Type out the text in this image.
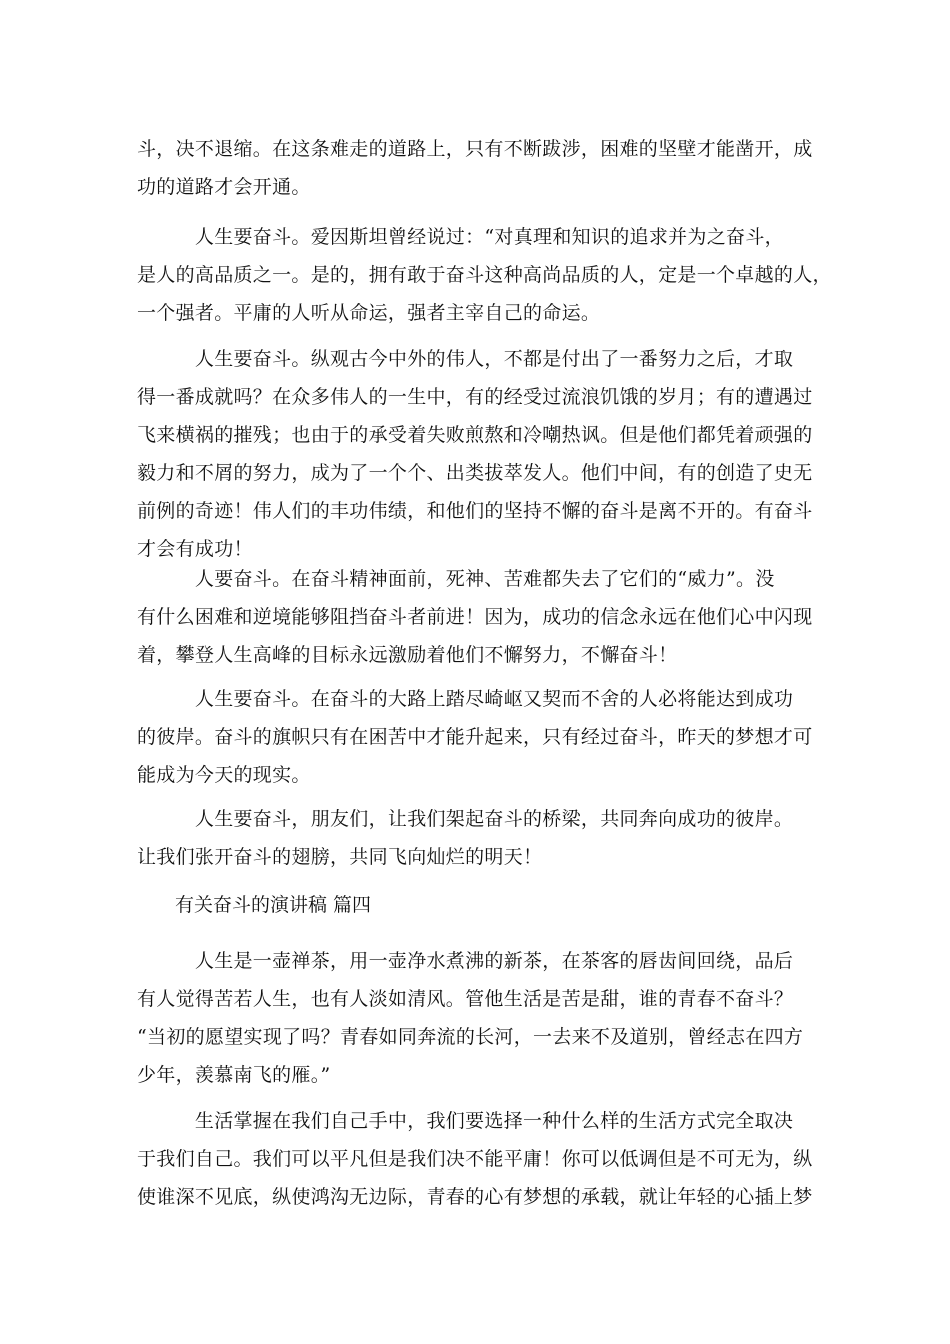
斗，决不退缩。在这条难走的道路上，只有不断跋涉，困难的坚壁才能凿开，成
功的道路才会开通。
　　　人生要奋斗。爱因斯坦曾经说过：“对真理和知识的追求并为之奋斗，
是人的高品质之一。是的，拥有敢于奋斗这种高尚品质的人，定是一个卓越的人，
一个强者。平庸的人听从命运，强者主宰自己的命运。
　　　人生要奋斗。纵观古今中外的伟人，不都是付出了一番努力之后，才取
得一番成就吗？在众多伟人的一生中，有的经受过流浪饥饿的岁月；有的遭遇过
飞来横祸的摧残；也由于的承受着失败煎熬和冷嘲热讽。但是他们都凭着顽强的
毅力和不屑的努力，成为了一个个、出类拔萃发人。他们中间，有的创造了史无
前例的奇迹！伟人们的丰功伟绩，和他们的坚持不懈的奋斗是离不开的。有奋斗
才会有成功！
　　　人要奋斗。在奋斗精神面前，死神、苦难都失去了它们的“威力”。没
有什么困难和逆境能够阻挡奋斗者前进！因为，成功的信念永远在他们心中闪现
着，攀登人生高峰的目标永远激励着他们不懈努力，不懈奋斗！
　　　人生要奋斗。在奋斗的大路上踏尽崎岖又契而不舍的人必将能达到成功
的彼岸。奋斗的旗帜只有在困苦中才能升起来，只有经过奋斗，昨天的梦想才可
能成为今天的现实。
　　　人生要奋斗，朋友们，让我们架起奋斗的桥梁，共同奔向成功的彼岸。
让我们张开奋斗的翅膀，共同飞向灿烂的明天！
有关奋斗的演讲稿 篇四
　　　人生是一壶禅茶，用一壶净水煮沸的新茶，在茶客的唇齿间回绕，品后
有人觉得苦若人生，也有人淡如清风。管他生活是苦是甜，谁的青春不奋斗？
“当初的愿望实现了吗？青春如同奔流的长河，一去来不及道别，曾经志在四方
少年，羡慕南飞的雁。”
　　　生活掌握在我们自己手中，我们要选择一种什么样的生活方式完全取决
于我们自己。我们可以平凡但是我们决不能平庸！你可以低调但是不可无为，纵
使谁深不见底，纵使鸿沟无边际，青春的心有梦想的承载，就让年轻的心插上梦
